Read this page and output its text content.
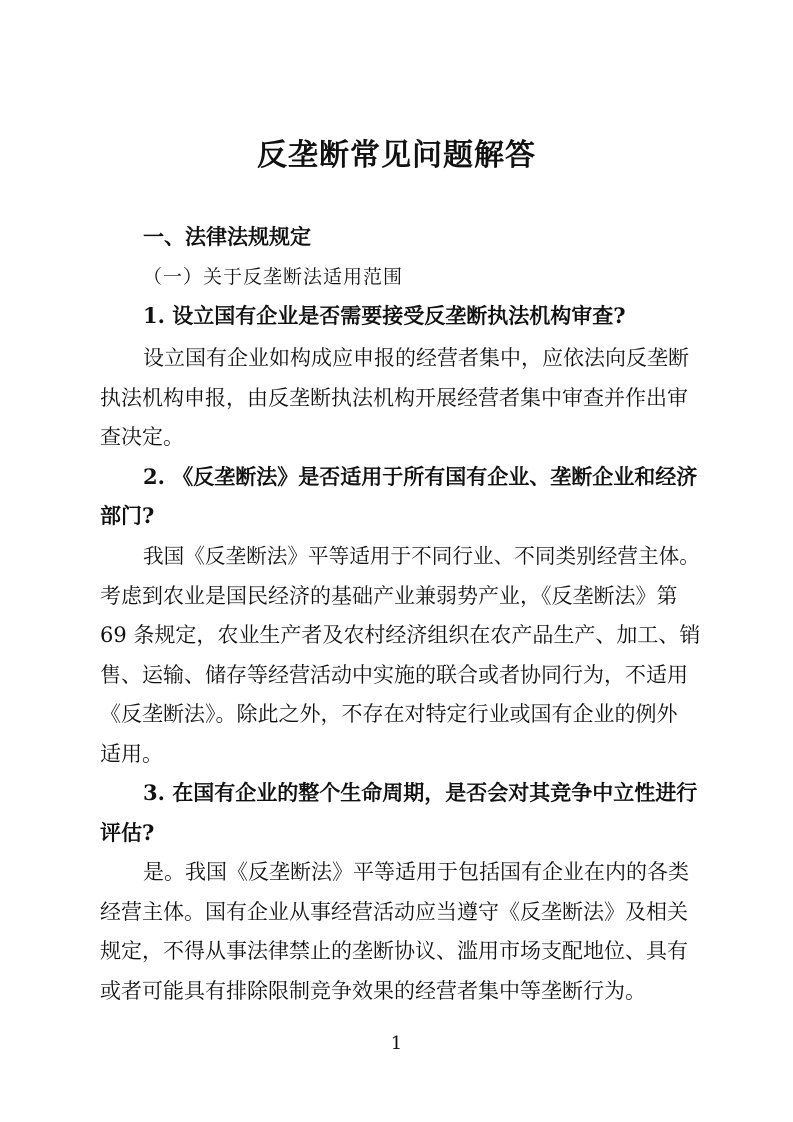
反垄断常见问题解答
一、法律法规规定
（一）关于反垄断法适用范围
1. 设立国有企业是否需要接受反垄断执法机构审查?
设立国有企业如构成应申报的经营者集中，应依法向反垄断
执法机构申报，由反垄断执法机构开展经营者集中审查并作出审
查决定。
2. 《反垄断法》是否适用于所有国有企业、垄断企业和经济
部门?
我国《反垄断法》平等适用于不同行业、不同类别经营主体。
考虑到农业是国民经济的基础产业兼弱势产业，《反垄断法》第
69 条规定，农业生产者及农村经济组织在农产品生产、加工、销
售、运输、储存等经营活动中实施的联合或者协同行为，不适用
《反垄断法》。除此之外，不存在对特定行业或国有企业的例外
适用。
3. 在国有企业的整个生命周期，是否会对其竞争中立性进行
评估?
是。我国《反垄断法》平等适用于包括国有企业在内的各类
经营主体。国有企业从事经营活动应当遵守《反垄断法》及相关
规定，不得从事法律禁止的垄断协议、滥用市场支配地位、具有
或者可能具有排除限制竞争效果的经营者集中等垄断行为。
1
